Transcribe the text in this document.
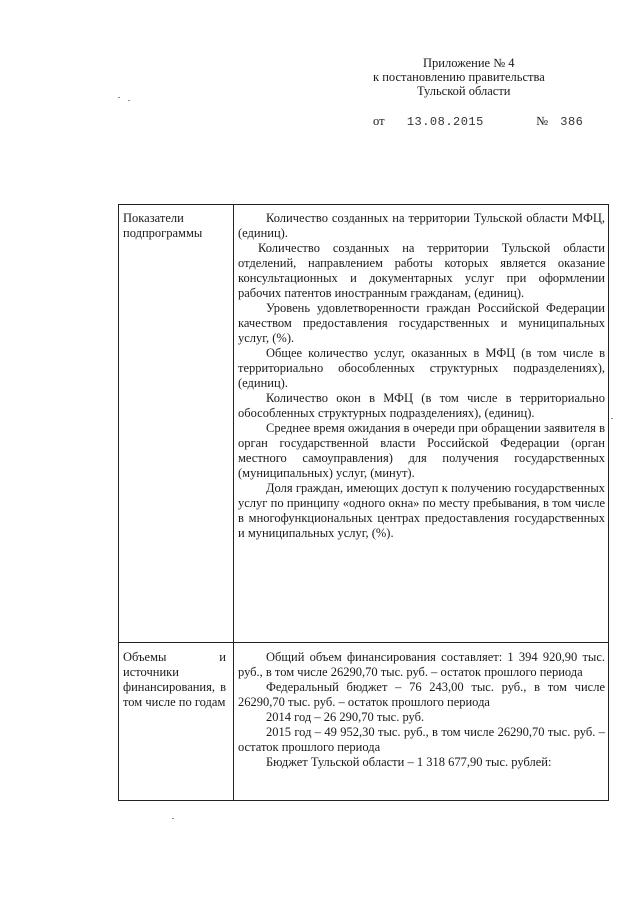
Приложение № 4
к постановлению правительства
Тульской области
от 13.08.2015	№ 386
Показатели подпрограммы

Количество созданных на территории Тульской области МФЦ, (единиц).

Количество созданных на территории Тульской области отделений, направлением работы которых является оказание консультационных и документарных услуг при оформлении рабочих патентов иностранным гражданам, (единиц).

Уровень удовлетворенности граждан Российской Федерации качеством предоставления государственных и муниципальных услуг, (%).

Общее количество услуг, оказанных в МФЦ (в том числе в территориально обособленных структурных подразделениях), (единиц).

Количество окон в МФЦ (в том числе в территориально обособленных структурных подразделениях), (единиц).

Среднее время ожидания в очереди при обращении заявителя в орган государственной власти Российской Федерации (орган местного самоуправления) для получения государственных (муниципальных) услуг, (минут).

Доля граждан, имеющих доступ к получению государственных услуг по принципу «одного окна» по месту пребывания, в том числе в многофункциональных центрах предоставления государственных и муниципальных услуг, (%).

Объемы и источники финансирования, в том числе по годам

Общий объем финансирования составляет: 1 394 920,90 тыс. руб., в том числе 26290,70 тыс. руб. – остаток прошлого периода

Федеральный бюджет – 76 243,00 тыс. руб., в том числе 26290,70 тыс. руб. – остаток прошлого периода

2014 год – 26 290,70 тыс. руб.

2015 год – 49 952,30 тыс. руб., в том числе 26290,70 тыс. руб. – остаток прошлого периода

Бюджет Тульской области – 1 318 677,90 тыс. рублей:
